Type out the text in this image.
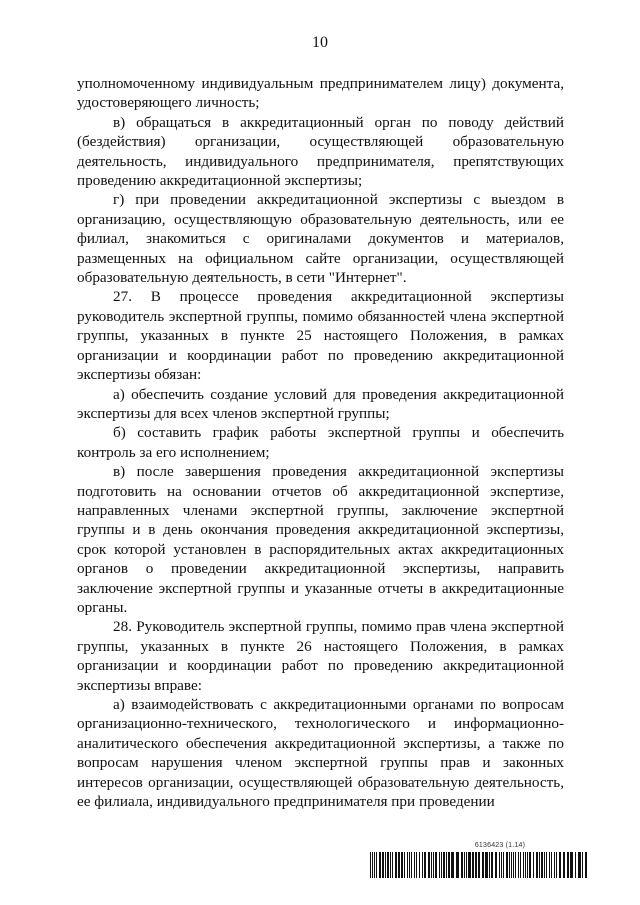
10

уполномоченному индивидуальным предпринимателем лицу) документа, удостоверяющего личность;

в) обращаться в аккредитационный орган по поводу действий (бездействия) организации, осуществляющей образовательную деятельность, индивидуального предпринимателя, препятствующих проведению аккредитационной экспертизы;

г) при проведении аккредитационной экспертизы с выездом в организацию, осуществляющую образовательную деятельность, или ее филиал, знакомиться с оригиналами документов и материалов, размещенных на официальном сайте организации, осуществляющей образовательную деятельность, в сети "Интернет".

27. В процессе проведения аккредитационной экспертизы руководитель экспертной группы, помимо обязанностей члена экспертной группы, указанных в пункте 25 настоящего Положения, в рамках организации и координации работ по проведению аккредитационной экспертизы обязан:

а) обеспечить создание условий для проведения аккредитационной экспертизы для всех членов экспертной группы;

б) составить график работы экспертной группы и обеспечить контроль за его исполнением;

в) после завершения проведения аккредитационной экспертизы подготовить на основании отчетов об аккредитационной экспертизе, направленных членами экспертной группы, заключение экспертной группы и в день окончания проведения аккредитационной экспертизы, срок которой установлен в распорядительных актах аккредитационных органов о проведении аккредитационной экспертизы, направить заключение экспертной группы и указанные отчеты в аккредитационные органы.

28. Руководитель экспертной группы, помимо прав члена экспертной группы, указанных в пункте 26 настоящего Положения, в рамках организации и координации работ по проведению аккредитационной экспертизы вправе:

а) взаимодействовать с аккредитационными органами по вопросам организационно-технического, технологического и информационно-аналитического обеспечения аккредитационной экспертизы, а также по вопросам нарушения членом экспертной группы прав и законных интересов организации, осуществляющей образовательную деятельность, ее филиала, индивидуального предпринимателя при проведении

6136423 (1.14)
